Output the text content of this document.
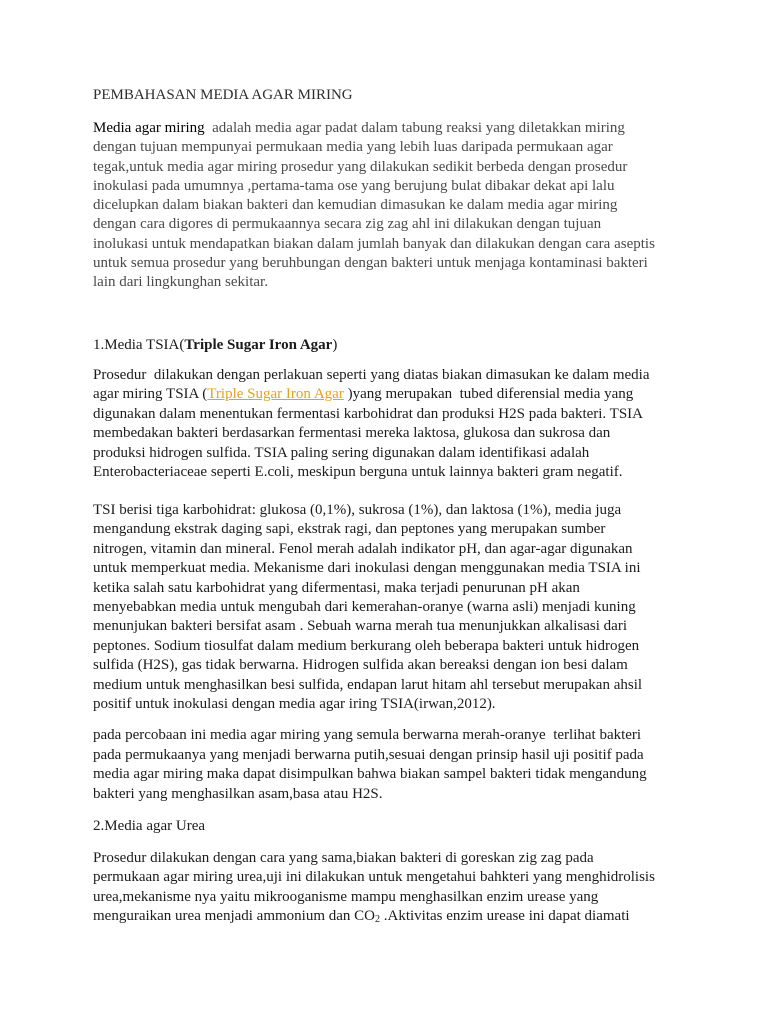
PEMBAHASAN MEDIA AGAR MIRING
Media agar miring  adalah media agar padat dalam tabung reaksi yang diletakkan miring
dengan tujuan mempunyai permukaan media yang lebih luas daripada permukaan agar
tegak,untuk media agar miring prosedur yang dilakukan sedikit berbeda dengan prosedur
inokulasi pada umumnya ,pertama-tama ose yang berujung bulat dibakar dekat api lalu
dicelupkan dalam biakan bakteri dan kemudian dimasukan ke dalam media agar miring
dengan cara digores di permukaannya secara zig zag ahl ini dilakukan dengan tujuan
inolukasi untuk mendapatkan biakan dalam jumlah banyak dan dilakukan dengan cara aseptis
untuk semua prosedur yang beruhbungan dengan bakteri untuk menjaga kontaminasi bakteri
lain dari lingkunghan sekitar.
1.Media TSIA(Triple Sugar Iron Agar)
Prosedur  dilakukan dengan perlakuan seperti yang diatas biakan dimasukan ke dalam media
agar miring TSIA (Triple Sugar Iron Agar )yang merupakan  tubed diferensial media yang
digunakan dalam menentukan fermentasi karbohidrat dan produksi H2S pada bakteri. TSIA
membedakan bakteri berdasarkan fermentasi mereka laktosa, glukosa dan sukrosa dan
produksi hidrogen sulfida. TSIA paling sering digunakan dalam identifikasi adalah
Enterobacteriaceae seperti E.coli, meskipun berguna untuk lainnya bakteri gram negatif.
TSI berisi tiga karbohidrat: glukosa (0,1%), sukrosa (1%), dan laktosa (1%), media juga
mengandung ekstrak daging sapi, ekstrak ragi, dan peptones yang merupakan sumber
nitrogen, vitamin dan mineral. Fenol merah adalah indikator pH, dan agar-agar digunakan
untuk memperkuat media. Mekanisme dari inokulasi dengan menggunakan media TSIA ini
ketika salah satu karbohidrat yang difermentasi, maka terjadi penurunan pH akan
menyebabkan media untuk mengubah dari kemerahan-oranye (warna asli) menjadi kuning
menunjukan bakteri bersifat asam . Sebuah warna merah tua menunjukkan alkalisasi dari
peptones. Sodium tiosulfat dalam medium berkurang oleh beberapa bakteri untuk hidrogen
sulfida (H2S), gas tidak berwarna. Hidrogen sulfida akan bereaksi dengan ion besi dalam
medium untuk menghasilkan besi sulfida, endapan larut hitam ahl tersebut merupakan ahsil
positif untuk inokulasi dengan media agar iring TSIA(irwan,2012).
pada percobaan ini media agar miring yang semula berwarna merah-oranye  terlihat bakteri
pada permukaanya yang menjadi berwarna putih,sesuai dengan prinsip hasil uji positif pada
media agar miring maka dapat disimpulkan bahwa biakan sampel bakteri tidak mengandung
bakteri yang menghasilkan asam,basa atau H2S.
2.Media agar Urea
Prosedur dilakukan dengan cara yang sama,biakan bakteri di goreskan zig zag pada
permukaan agar miring urea,uji ini dilakukan untuk mengetahui bahkteri yang menghidrolisis
urea,mekanisme nya yaitu mikrooganisme mampu menghasilkan enzim urease yang
menguraikan urea menjadi ammonium dan $CO_2$ .Aktivitas enzim urease ini dapat diamati
